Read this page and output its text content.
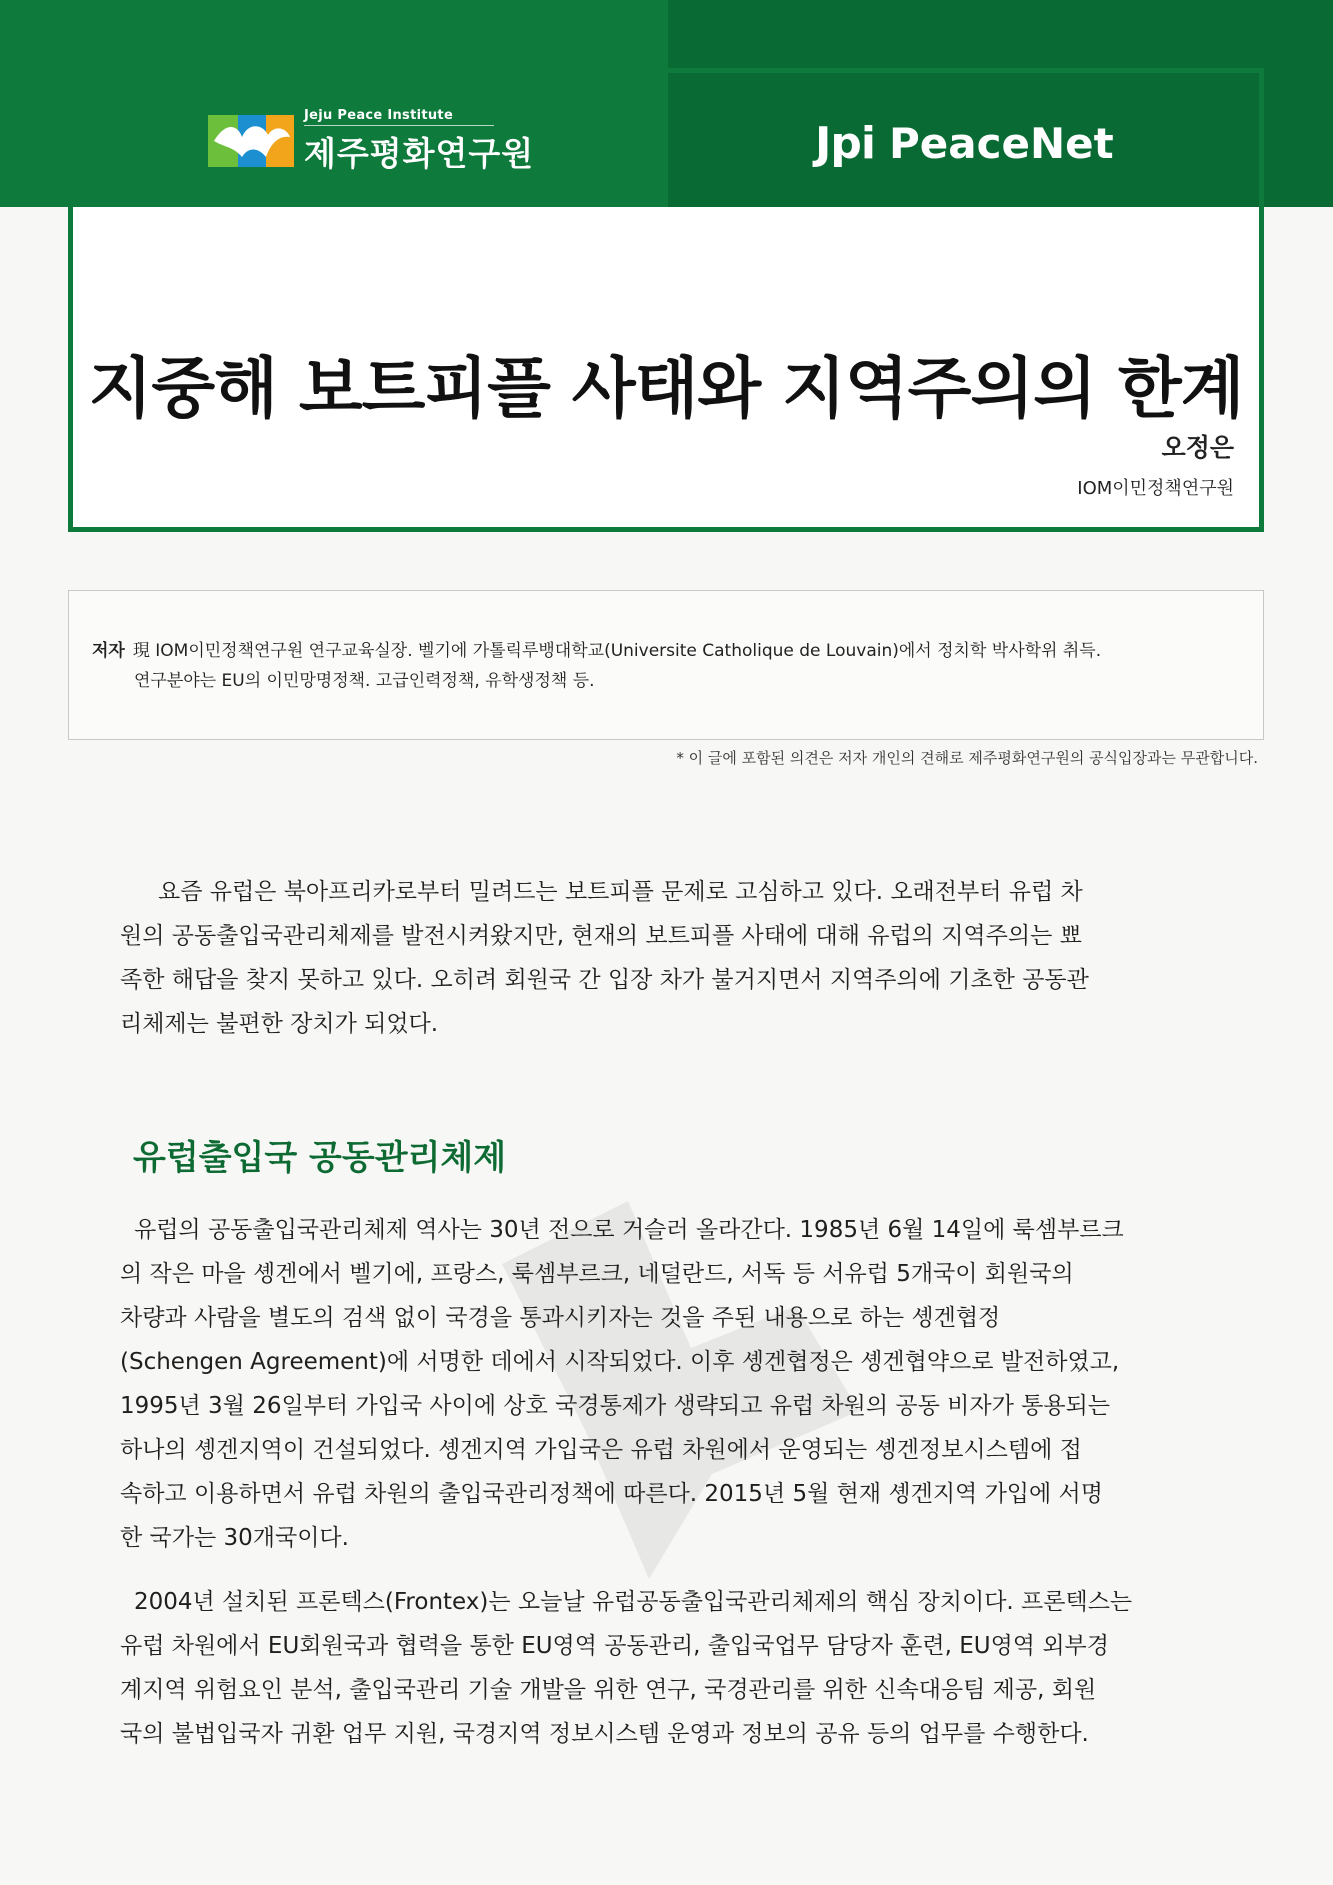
Jeju Peace Institute
제주평화연구원	Jpi PeaceNet
지중해 보트피플 사태와 지역주의의 한계
오정은
IOM이민정책연구원
저자 現 IOM이민정책연구원 연구교육실장. 벨기에 가톨릭루뱅대학교(Universite Catholique de Louvain)에서 정치학 박사학위 취득.
연구분야는 EU의 이민망명정책. 고급인력정책, 유학생정책 등.
* 이 글에 포함된 의견은 저자 개인의 견해로 제주평화연구원의 공식입장과는 무관합니다.
요즘 유럽은 북아프리카로부터 밀려드는 보트피플 문제로 고심하고 있다. 오래전부터 유럽 차
원의 공동출입국관리체제를 발전시켜왔지만, 현재의 보트피플 사태에 대해 유럽의 지역주의는 뾰
족한 해답을 찾지 못하고 있다. 오히려 회원국 간 입장 차가 불거지면서 지역주의에 기초한 공동관
리체제는 불편한 장치가 되었다.
유럽출입국 공동관리체제
유럽의 공동출입국관리체제 역사는 30년 전으로 거슬러 올라간다. 1985년 6월 14일에 룩셈부르크
의 작은 마을 솅겐에서 벨기에, 프랑스, 룩셈부르크, 네덜란드, 서독 등 서유럽 5개국이 회원국의
차량과 사람을 별도의 검색 없이 국경을 통과시키자는 것을 주된 내용으로 하는 솅겐협정
(Schengen Agreement)에 서명한 데에서 시작되었다. 이후 솅겐협정은 솅겐협약으로 발전하였고,
1995년 3월 26일부터 가입국 사이에 상호 국경통제가 생략되고 유럽 차원의 공동 비자가 통용되는
하나의 솅겐지역이 건설되었다. 솅겐지역 가입국은 유럽 차원에서 운영되는 솅겐정보시스템에 접
속하고 이용하면서 유럽 차원의 출입국관리정책에 따른다. 2015년 5월 현재 솅겐지역 가입에 서명
한 국가는 30개국이다.
2004년 설치된 프론텍스(Frontex)는 오늘날 유럽공동출입국관리체제의 핵심 장치이다. 프론텍스는
유럽 차원에서 EU회원국과 협력을 통한 EU영역 공동관리, 출입국업무 담당자 훈련, EU영역 외부경
계지역 위험요인 분석, 출입국관리 기술 개발을 위한 연구, 국경관리를 위한 신속대응팀 제공, 회원
국의 불법입국자 귀환 업무 지원, 국경지역 정보시스템 운영과 정보의 공유 등의 업무를 수행한다.
